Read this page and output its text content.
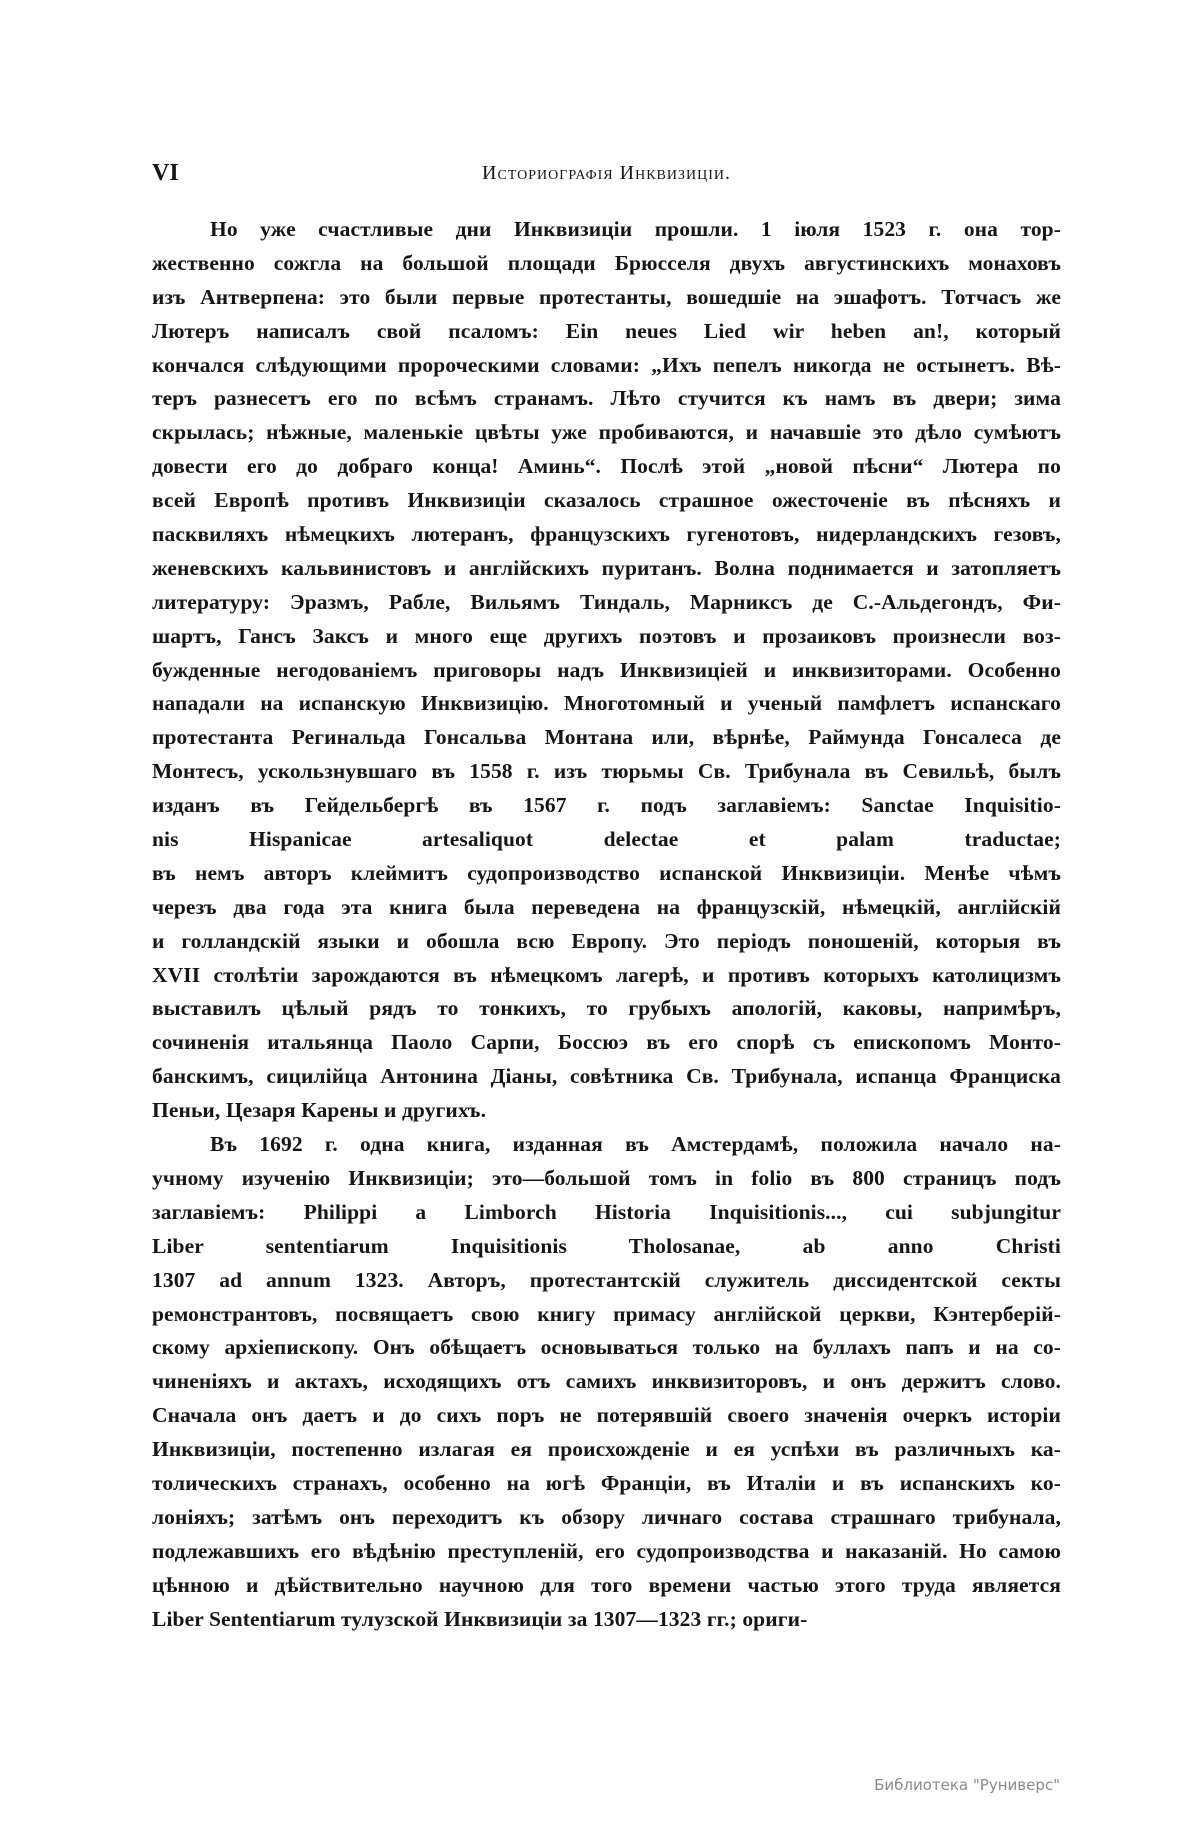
VI	Историографія Инквизиціи.
Но уже счастливые дни Инквизиціи прошли. 1 іюля 1523 г. она тор-
жественно сожгла на большой площади Брюсселя двухъ августинскихъ монаховъ
изъ Антверпена: это были первые протестанты, вошедшіе на эшафотъ. Тотчасъ же
Лютеръ написалъ свой псаломъ: Ein neues Lied wir heben an!, который
кончался слѣдующими пророческими словами: „Ихъ пепелъ никогда не остынетъ. Вѣ-
теръ разнесетъ его по всѣмъ странамъ. Лѣто стучится къ намъ въ двери; зима
скрылась; нѣжные, маленькіе цвѣты уже пробиваются, и начавшіе это дѣло сумѣютъ
довести его до добраго конца! Аминь“. Послѣ этой „новой пѣсни“ Лютера по
всей Европѣ противъ Инквизиціи сказалось страшное ожесточеніе въ пѣсняхъ и
пасквиляхъ нѣмецкихъ лютеранъ, французскихъ гугенотовъ, нидерландскихъ гезовъ,
женевскихъ кальвинистовъ и англійскихъ пуританъ. Волна поднимается и затопляетъ
литературу: Эразмъ, Рабле, Вильямъ Тиндаль, Марниксъ де С.-Альдегондъ, Фи-
шартъ, Гансъ Заксъ и много еще другихъ поэтовъ и прозаиковъ произнесли воз-
бужденные негодованіемъ приговоры надъ Инквизиціей и инквизиторами. Особенно
нападали на испанскую Инквизицію. Многотомный и ученый памфлетъ испанскаго
протестанта Регинальда Гонсальва Монтана или, вѣрнѣе, Раймунда Гонсалеса де
Монтесъ, ускользнувшаго въ 1558 г. изъ тюрьмы Св. Трибунала въ Севильѣ, былъ
изданъ въ Гейдельбергѣ въ 1567 г. подъ заглавіемъ: Sanctae Inquisitio-
nis Hispanicae artesaliquot delectae et palam traductae;
въ немъ авторъ клеймитъ судопроизводство испанской Инквизиціи. Менѣе чѣмъ
черезъ два года эта книга была переведена на французскій, нѣмецкій, англійскій
и голландскій языки и обошла всю Европу. Это періодъ поношеній, которыя въ
XVII столѣтіи зарождаются въ нѣмецкомъ лагерѣ, и противъ которыхъ католицизмъ
выставилъ цѣлый рядъ то тонкихъ, то грубыхъ апологій, каковы, напримѣръ,
сочиненія итальянца Паоло Сарпи, Боссюэ въ его спорѣ съ епископомъ Монто-
банскимъ, сицилійца Антонина Діаны, совѣтника Св. Трибунала, испанца Франциска
Пеньи, Цезаря Карены и другихъ.
Въ 1692 г. одна книга, изданная въ Амстердамѣ, положила начало на-
учному изученію Инквизиціи; это—большой томъ in folio въ 800 страницъ подъ
заглавіемъ: Philippi a Limborch Historia Inquisitionis..., cui subjungitur
Liber sententiarum Inquisitionis Tholosanae, ab anno Christi
1307 ad annum 1323. Авторъ, протестантскій служитель диссидентской секты
ремонстрантовъ, посвящаетъ свою книгу примасу англійской церкви, Кэнтерберій-
скому архіепископу. Онъ обѣщаетъ основываться только на буллахъ папъ и на со-
чиненіяхъ и актахъ, исходящихъ отъ самихъ инквизиторовъ, и онъ держитъ слово.
Сначала онъ даетъ и до сихъ поръ не потерявшій своего значенія очеркъ исторіи
Инквизиціи, постепенно излагая ея происхожденіе и ея успѣхи въ различныхъ ка-
толическихъ странахъ, особенно на югѣ Франціи, въ Италіи и въ испанскихъ ко-
лоніяхъ; затѣмъ онъ переходитъ къ обзору личнаго состава страшнаго трибунала,
подлежавшихъ его вѣдѣнію преступленій, его судопроизводства и наказаній. Но самою
цѣнною и дѣйствительно научною для того времени частью этого труда является
Liber Sententiarum тулузской Инквизиціи за 1307—1323 гг.; ориги-
Библиотека "Руниверс"
